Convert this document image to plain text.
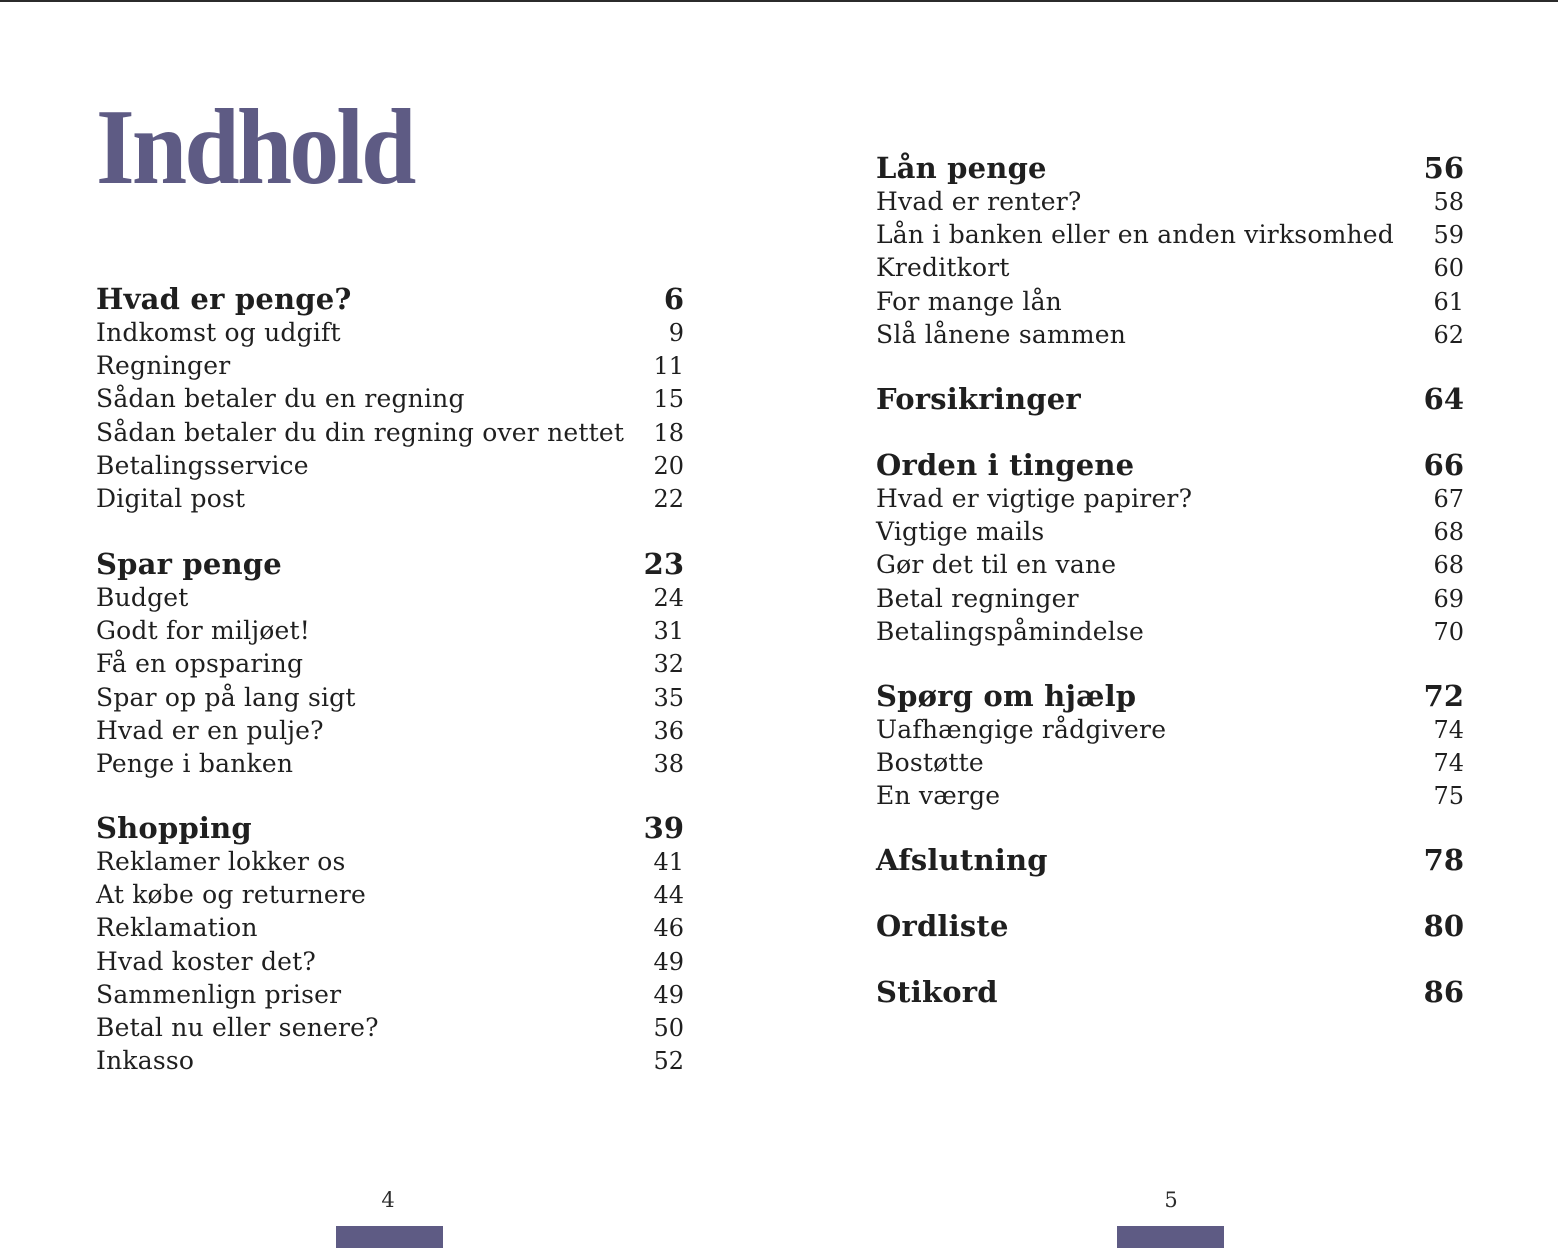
Indhold
Hvad er penge?	6
Indkomst og udgift	9
Regninger	11
Sådan betaler du en regning	15
Sådan betaler du din regning over nettet 18
Betalingsservice	20
Digital post	22
Spar penge	23
Budget	24
Godt for miljøet!	31
Få en opsparing	32
Spar op på lang sigt	35
Hvad er en pulje?	36
Penge i banken	38
Shopping	39
Reklamer lokker os	41
At købe og returnere	44
Reklamation	46
Hvad koster det?	49
Sammenlign priser	49
Betal nu eller senere?	50
Inkasso	52
Lån penge	56
Hvad er renter?	58
Lån i banken eller en anden virksomhed 59
Kreditkort	60
For mange lån	61
Slå lånene sammen	62
Forsikringer	64
Orden i tingene	66
Hvad er vigtige papirer?	67
Vigtige mails	68
Gør det til en vane	68
Betal regninger	69
Betalingspåmindelse	70
Spørg om hjælp	72
Uafhængige rådgivere	74
Bostøtte	74
En værge	75
Afslutning	78
Ordliste	80
Stikord	86
4	5
